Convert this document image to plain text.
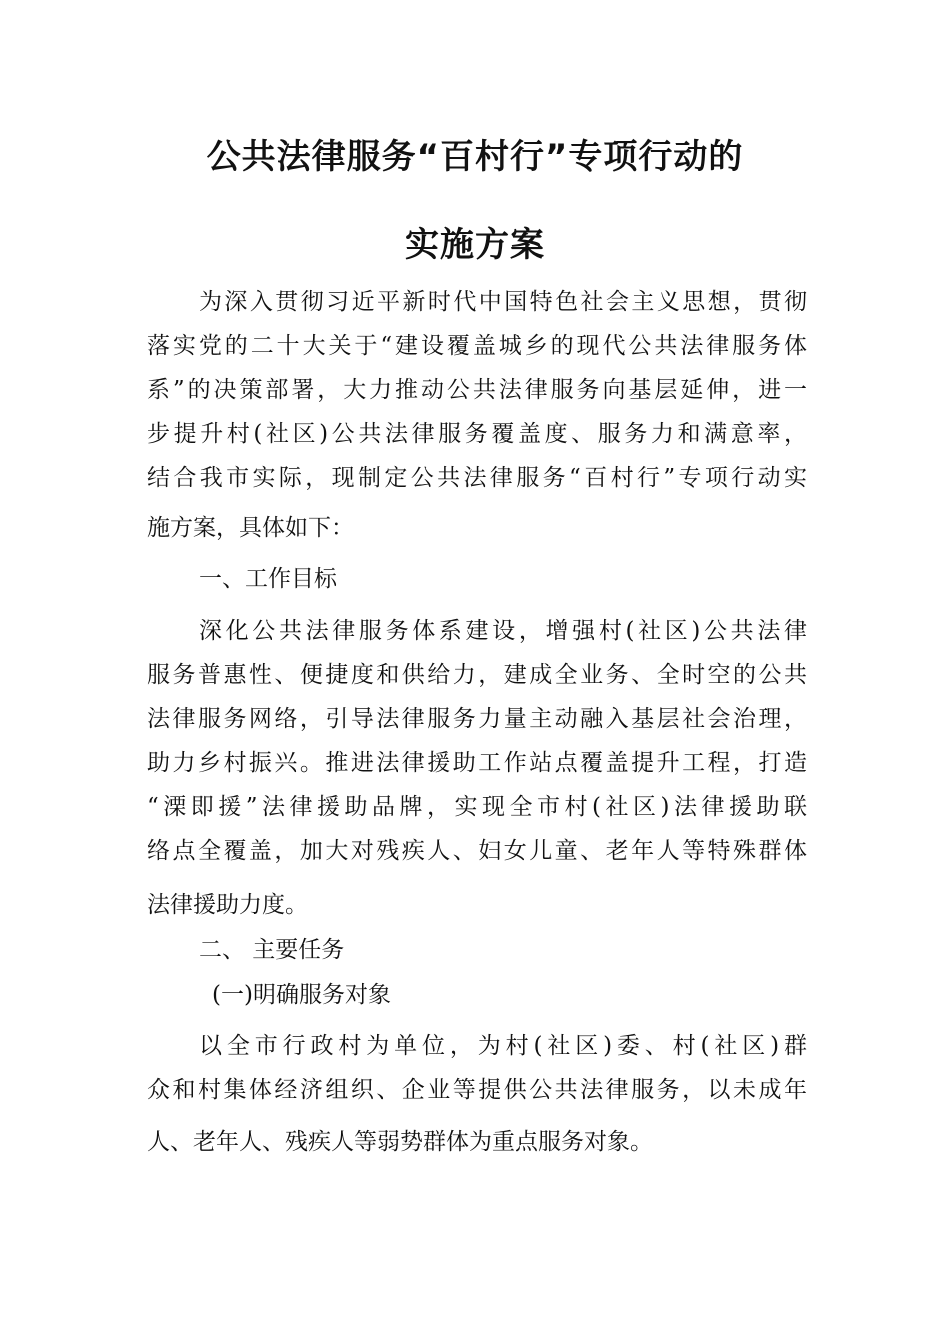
公共法律服务“百村行”专项行动的
实施方案
为深入贯彻习近平新时代中国特色社会主义思想，贯彻
落实党的二十大关于“建设覆盖城乡的现代公共法律服务体
系”的决策部署，大力推动公共法律服务向基层延伸，进一
步提升村(社区)公共法律服务覆盖度、服务力和满意率，
结合我市实际，现制定公共法律服务“百村行”专项行动实
施方案，具体如下：
一、工作目标
深化公共法律服务体系建设，增强村(社区)公共法律
服务普惠性、便捷度和供给力，建成全业务、全时空的公共
法律服务网络，引导法律服务力量主动融入基层社会治理，
助力乡村振兴。推进法律援助工作站点覆盖提升工程，打造
“溧即援”法律援助品牌，实现全市村(社区)法律援助联
络点全覆盖，加大对残疾人、妇女儿童、老年人等特殊群体
法律援助力度。
二、 主要任务
(一)明确服务对象
以全市行政村为单位，为村(社区)委、村(社区)群
众和村集体经济组织、企业等提供公共法律服务，以未成年
人、老年人、残疾人等弱势群体为重点服务对象。
